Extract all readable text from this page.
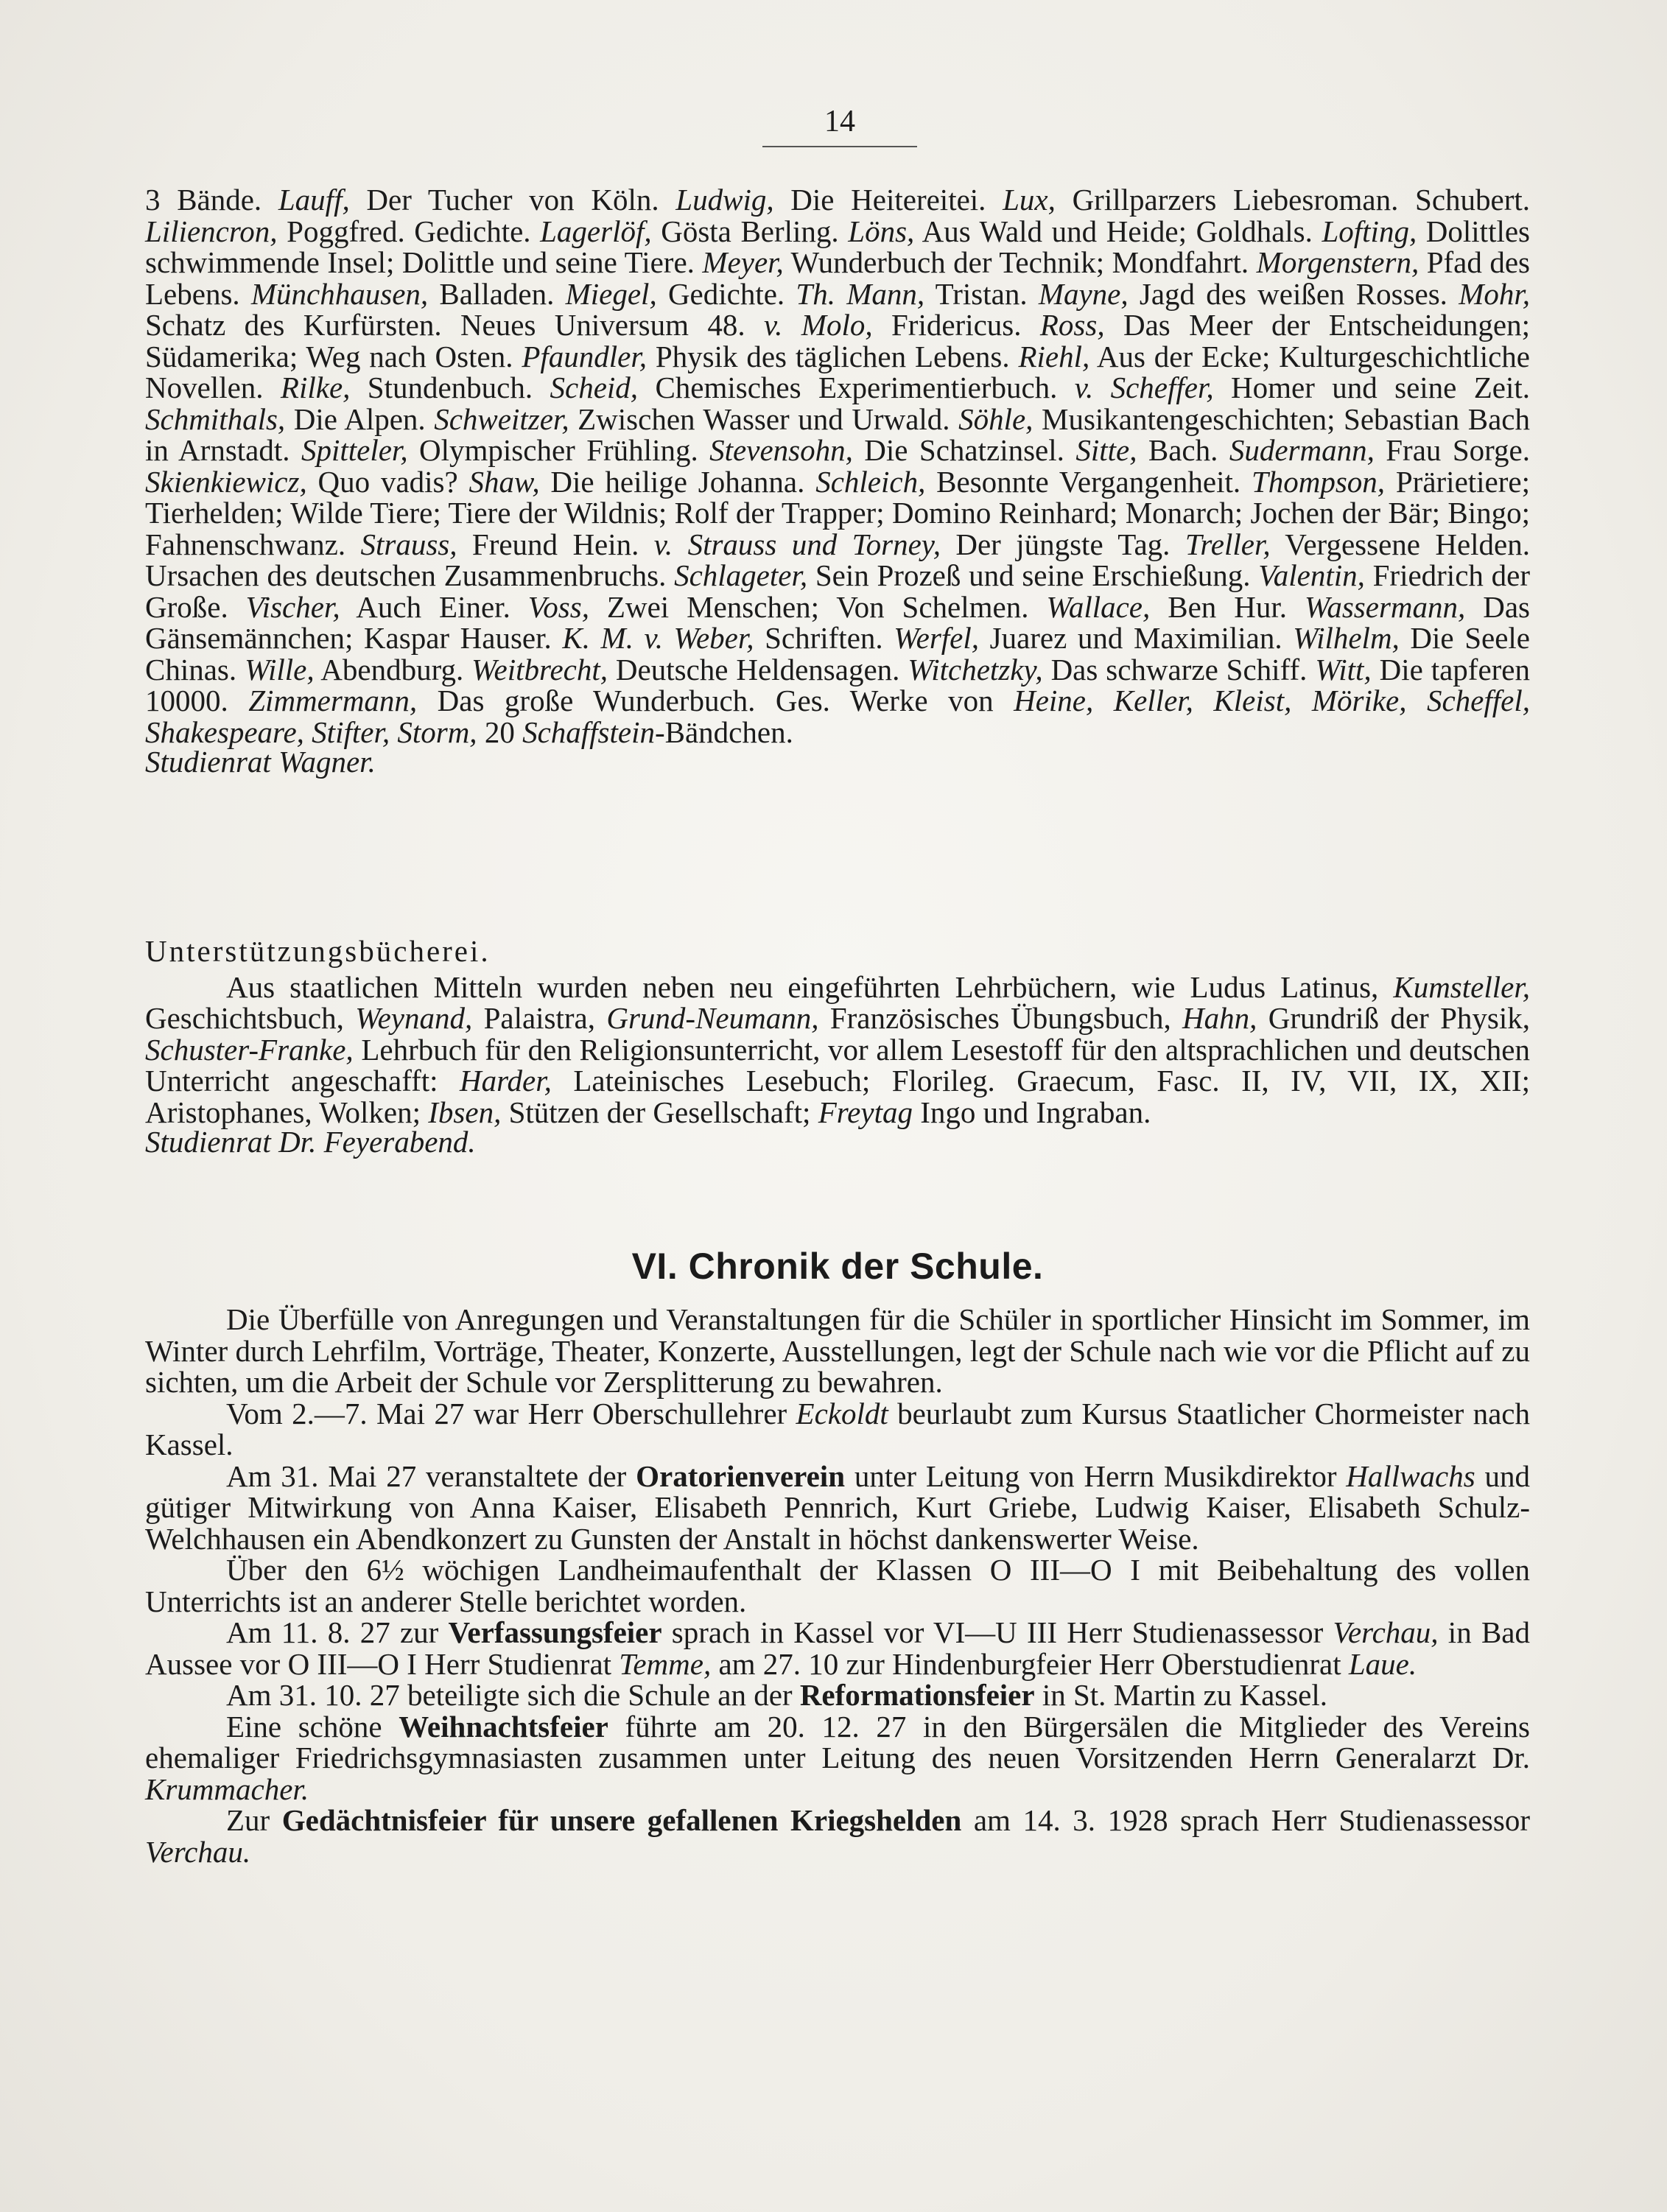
14

3 Bände. Lauff, Der Tucher von Köln. Ludwig, Die Heitereitei. Lux, Grillparzers Liebesroman. Schubert. Liliencron, Poggfred. Gedichte. Lagerlöf, Gösta Berling. Löns, Aus Wald und Heide; Goldhals. Lofting, Dolittles schwimmende Insel; Dolittle und seine Tiere. Meyer, Wunderbuch der Technik; Mondfahrt. Morgenstern, Pfad des Lebens. Münchhausen, Balladen. Miegel, Gedichte. Th. Mann, Tristan. Mayne, Jagd des weißen Rosses. Mohr, Schatz des Kurfürsten. Neues Universum 48. v. Molo, Fridericus. Ross, Das Meer der Entscheidungen; Südamerika; Weg nach Osten. Pfaundler, Physik des täglichen Lebens. Riehl, Aus der Ecke; Kulturgeschichtliche Novellen. Rilke, Stundenbuch. Scheid, Chemisches Experimentierbuch. v. Scheffer, Homer und seine Zeit. Schmithals, Die Alpen. Schweitzer, Zwischen Wasser und Urwald. Söhle, Musikantengeschichten; Sebastian Bach in Arnstadt. Spitteler, Olympischer Frühling. Stevensohn, Die Schatzinsel. Sitte, Bach. Sudermann, Frau Sorge. Skienkiewicz, Quo vadis? Shaw, Die heilige Johanna. Schleich, Besonnte Vergangenheit. Thompson, Prärietiere; Tierhelden; Wilde Tiere; Tiere der Wildnis; Rolf der Trapper; Domino Reinhard; Monarch; Jochen der Bär; Bingo; Fahnenschwanz. Strauss, Freund Hein. v. Strauss und Torney, Der jüngste Tag. Treller, Vergessene Helden. Ursachen des deutschen Zusammenbruchs. Schlageter, Sein Prozeß und seine Erschießung. Valentin, Friedrich der Große. Vischer, Auch Einer. Voss, Zwei Menschen; Von Schelmen. Wallace, Ben Hur. Wassermann, Das Gänsemännchen; Kaspar Hauser. K. M. v. Weber, Schriften. Werfel, Juarez und Maximilian. Wilhelm, Die Seele Chinas. Wille, Abendburg. Weitbrecht, Deutsche Heldensagen. Witchetzky, Das schwarze Schiff. Witt, Die tapferen 10000. Zimmermann, Das große Wunderbuch. Ges. Werke von Heine, Keller, Kleist, Mörike, Scheffel, Shakespeare, Stifter, Storm, 20 Schaffstein-Bändchen.

Studienrat Wagner.
Unterstützungsbücherei.

Aus staatlichen Mitteln wurden neben neu eingeführten Lehrbüchern, wie Ludus Latinus, Kumsteller, Geschichtsbuch, Weynand, Palaistra, Grund-Neumann, Französisches Übungsbuch, Hahn, Grundriß der Physik, Schuster-Franke, Lehrbuch für den Religionsunterricht, vor allem Lesestoff für den altsprachlichen und deutschen Unterricht angeschafft: Harder, Lateinisches Lesebuch; Florileg. Graecum, Fasc. II, IV, VII, IX, XII; Aristophanes, Wolken; Ibsen, Stützen der Gesellschaft; Freytag Ingo und Ingraban.

Studienrat Dr. Feyerabend.
VI. Chronik der Schule.

Die Überfülle von Anregungen und Veranstaltungen für die Schüler in sportlicher Hinsicht im Sommer, im Winter durch Lehrfilm, Vorträge, Theater, Konzerte, Ausstellungen, legt der Schule nach wie vor die Pflicht auf zu sichten, um die Arbeit der Schule vor Zersplitterung zu bewahren.

Vom 2.—7. Mai 27 war Herr Oberschullehrer Eckoldt beurlaubt zum Kursus Staatlicher Chormeister nach Kassel.

Am 31. Mai 27 veranstaltete der Oratorienverein unter Leitung von Herrn Musikdirektor Hallwachs und gütiger Mitwirkung von Anna Kaiser, Elisabeth Pennrich, Kurt Griebe, Ludwig Kaiser, Elisabeth Schulz-Welchhausen ein Abendkonzert zu Gunsten der Anstalt in höchst dankenswerter Weise.

Über den 6½ wöchigen Landheimaufenthalt der Klassen O III—O I mit Beibehaltung des vollen Unterrichts ist an anderer Stelle berichtet worden.

Am 11. 8. 27 zur Verfassungsfeier sprach in Kassel vor VI—U III Herr Studienassessor Verchau, in Bad Aussee vor O III—O I Herr Studienrat Temme, am 27. 10 zur Hindenburgfeier Herr Oberstudienrat Laue.

Am 31. 10. 27 beteiligte sich die Schule an der Reformationsfeier in St. Martin zu Kassel.

Eine schöne Weihnachtsfeier führte am 20. 12. 27 in den Bürgersälen die Mitglieder des Vereins ehemaliger Friedrichsgymnasiasten zusammen unter Leitung des neuen Vorsitzenden Herrn Generalarzt Dr. Krummacher.

Zur Gedächtnisfeier für unsere gefallenen Kriegshelden am 14. 3. 1928 sprach Herr Studienassessor Verchau.
